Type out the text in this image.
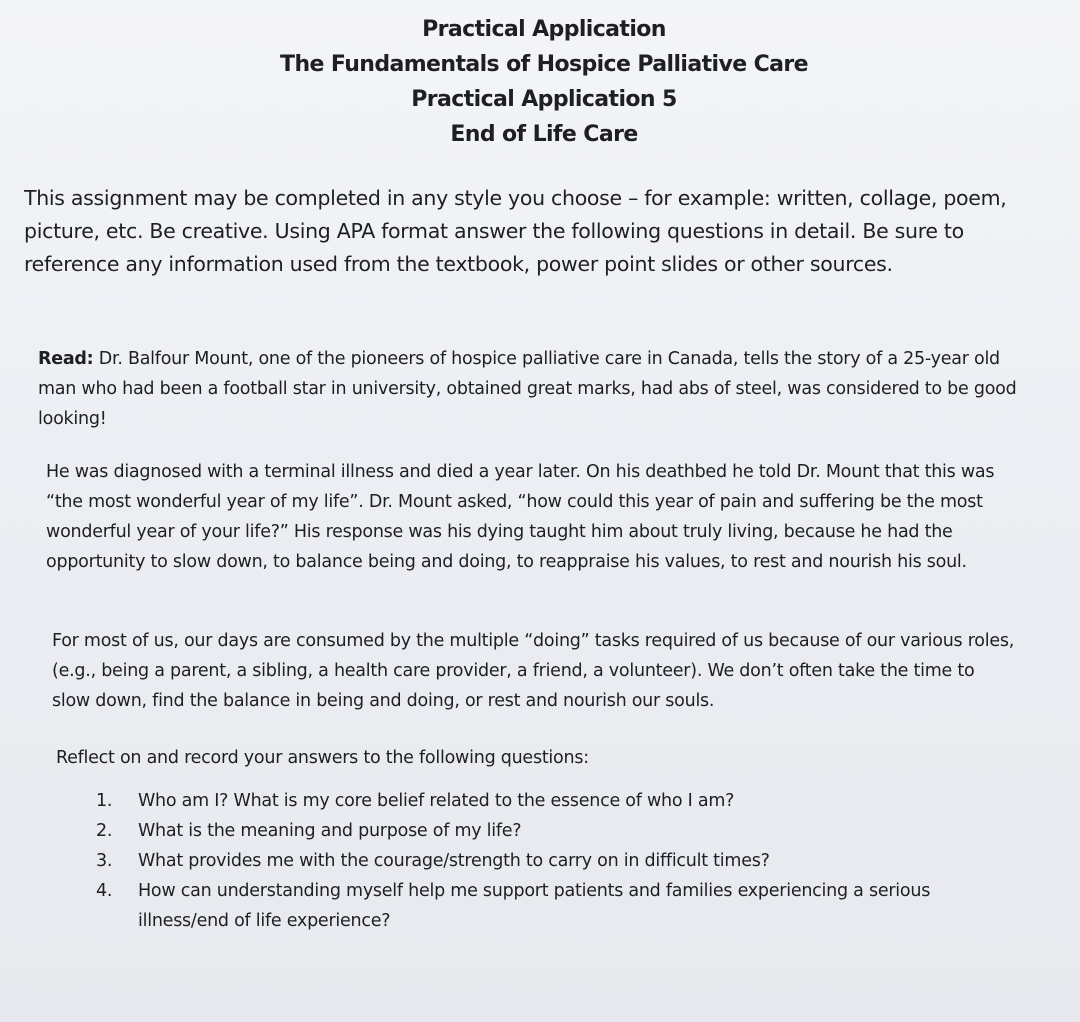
Practical Application
The Fundamentals of Hospice Palliative Care
Practical Application 5
End of Life Care
This assignment may be completed in any style you choose – for example: written, collage, poem, picture, etc. Be creative. Using APA format answer the following questions in detail. Be sure to reference any information used from the textbook, power point slides or other sources.
Read: Dr. Balfour Mount, one of the pioneers of hospice palliative care in Canada, tells the story of a 25-year old man who had been a football star in university, obtained great marks, had abs of steel, was considered to be good looking!
He was diagnosed with a terminal illness and died a year later. On his deathbed he told Dr. Mount that this was “the most wonderful year of my life”. Dr. Mount asked, “how could this year of pain and suffering be the most wonderful year of your life?” His response was his dying taught him about truly living, because he had the opportunity to slow down, to balance being and doing, to reappraise his values, to rest and nourish his soul.
For most of us, our days are consumed by the multiple “doing” tasks required of us because of our various roles, (e.g., being a parent, a sibling, a health care provider, a friend, a volunteer). We don’t often take the time to slow down, find the balance in being and doing, or rest and nourish our souls.
Reflect on and record your answers to the following questions:
1.	Who am I? What is my core belief related to the essence of who I am?
2.	What is the meaning and purpose of my life?
3.	What provides me with the courage/strength to carry on in difficult times?
4.	How can understanding myself help me support patients and families experiencing a serious illness/end of life experience?
